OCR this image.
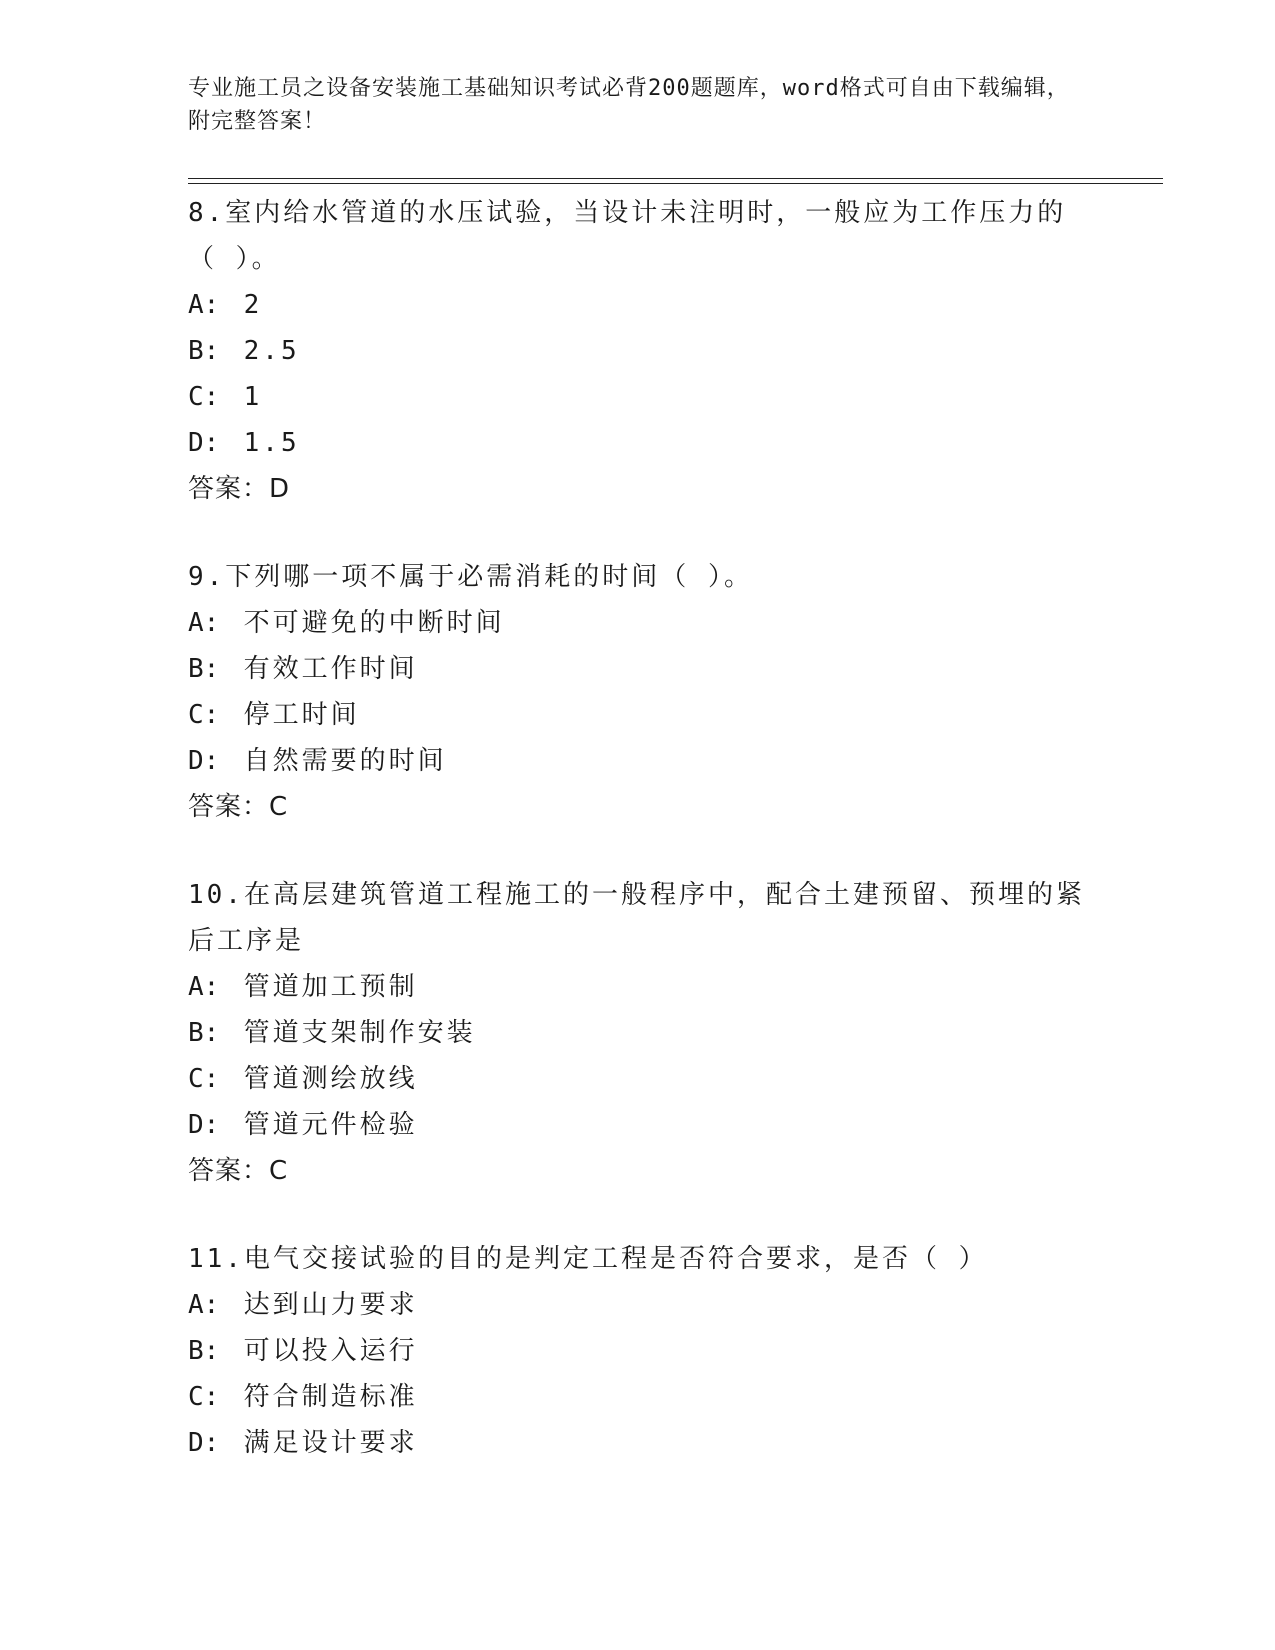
专业施工员之设备安装施工基础知识考试必背200题题库，word格式可自由下载编辑，附完整答案！
8.室内给水管道的水压试验，当设计未注明时，一般应为工作压力的（ ）。
A: 2
B: 2.5
C: 1
D: 1.5
答案：D
9.下列哪一项不属于必需消耗的时间（ ）。
A: 不可避免的中断时间
B: 有效工作时间
C: 停工时间
D: 自然需要的时间
答案：C
10.在高层建筑管道工程施工的一般程序中，配合土建预留、预埋的紧后工序是
A: 管道加工预制
B: 管道支架制作安装
C: 管道测绘放线
D: 管道元件检验
答案：C
11.电气交接试验的目的是判定工程是否符合要求，是否（ ）
A: 达到山力要求
B: 可以投入运行
C: 符合制造标准
D: 满足设计要求
